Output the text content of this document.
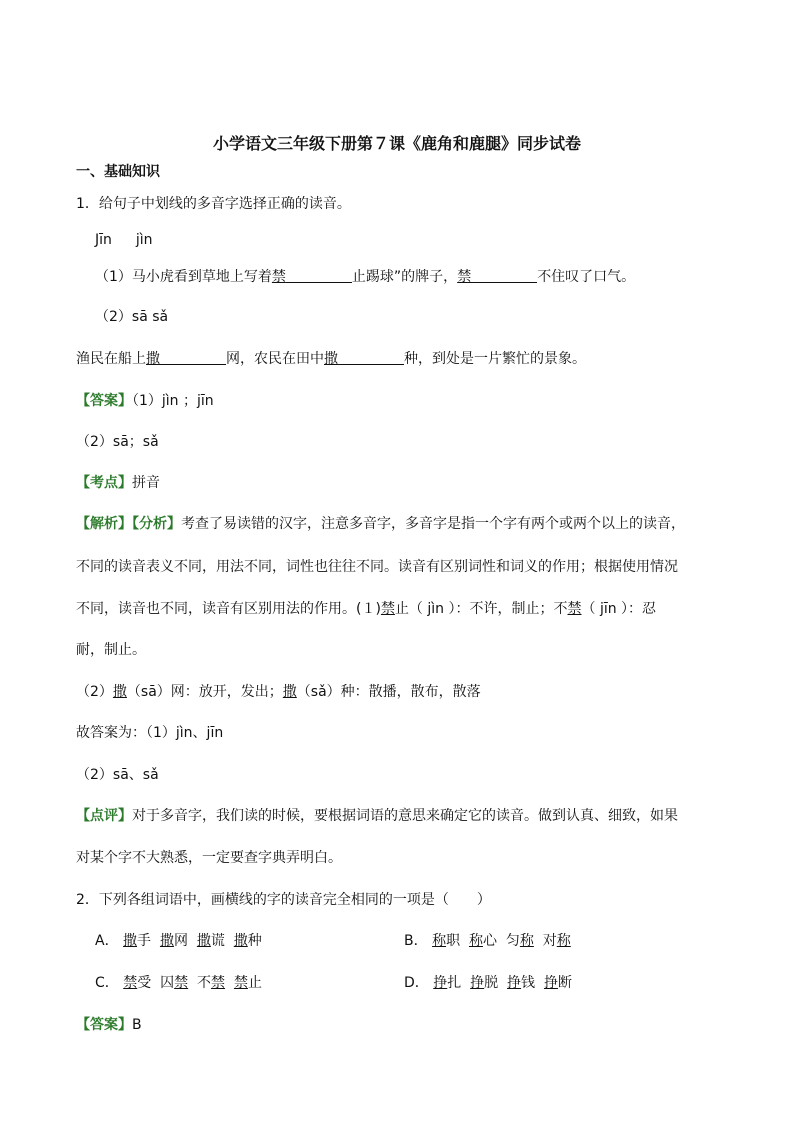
小学语文三年级下册第７课《鹿角和鹿腿》同步试卷
一、基础知识
1．给句子中划线的多音字选择正确的读音。
Jīn jìn
（1）马小虎看到草地上写着禁	止踢球”的牌子，禁	不住叹了口气。
（2）sā sǎ
渔民在船上撒	网，农民在田中撒	种，到处是一片繁忙的景象。
【答案】（1）jìn ；jīn
（2）sā；sǎ
【考点】拼音
【解析】【分析】考查了易读错的汉字，注意多音字，多音字是指一个字有两个或两个以上的读音，
不同的读音表义不同，用法不同，词性也往往不同。读音有区别词性和词义的作用；根据使用情况
不同，读音也不同，读音有区别用法的作用。(１)禁止（ jìn ）：不许，制止；不禁（ jīn ）：忍
耐，制止。
（2）撒（sā）网：放开，发出；撒（sǎ）种：散播，散布，散落
故答案为：（1）jìn、jīn
（2）sā、sǎ
【点评】对于多音字，我们读的时候，要根据词语的意思来确定它的读音。做到认真、细致，如果
对某个字不大熟悉，一定要查字典弄明白。
2．下列各组词语中，画横线的字的读音完全相同的一项是（　　）
A． 撒手 撒网 撒谎 撒种	B． 称职 称心 匀称 对称
C． 禁受 囚禁 不禁 禁止	D． 挣扎 挣脱 挣钱 挣断
【答案】B
